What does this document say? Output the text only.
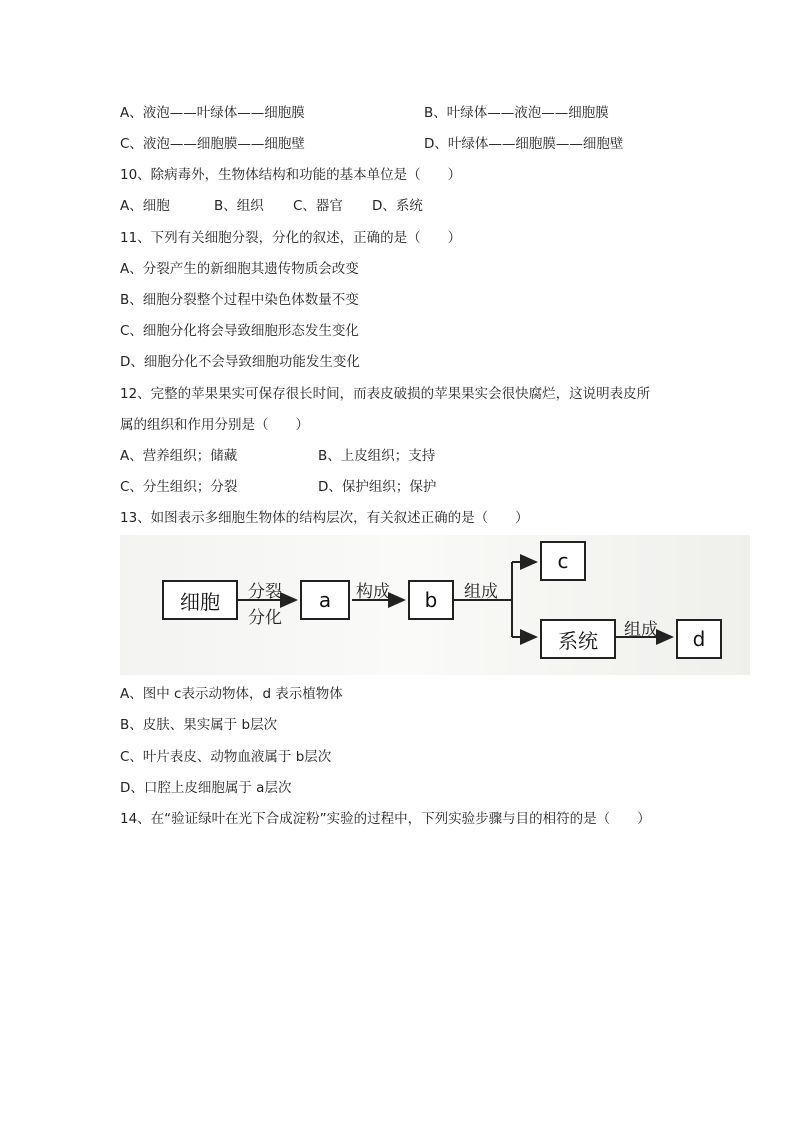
A、液泡——叶绿体——细胞膜	B、叶绿体——液泡——细胞膜
C、液泡——细胞膜——细胞壁	D、叶绿体——细胞膜——细胞壁
10、除病毒外，生物体结构和功能的基本单位是（　　）
A、细胞	B、组织 C、器官 D、系统
11、下列有关细胞分裂，分化的叙述，正确的是（　　）
A、分裂产生的新细胞其遗传物质会改变
B、细胞分裂整个过程中染色体数量不变
C、细胞分化将会导致细胞形态发生变化
D、细胞分化不会导致细胞功能发生变化
12、完整的苹果果实可保存很长时间，而表皮破损的苹果果实会很快腐烂，这说明表皮所
属的组织和作用分别是（　　）
A、营养组织；储藏	B、上皮组织；支持
C、分生组织；分裂	D、保护组织；保护
13、如图表示多细胞生物体的结构层次，有关叙述正确的是（　　）
细胞	a	b
c
系统	d
分裂
分化
构成	组成
组成
A、图中 c表示动物体，d 表示植物体
B、皮肤、果实属于 b层次
C、叶片表皮、动物血液属于 b层次
D、口腔上皮细胞属于 a层次
14、在“验证绿叶在光下合成淀粉”实验的过程中，下列实验步骤与目的相符的是（　　）
